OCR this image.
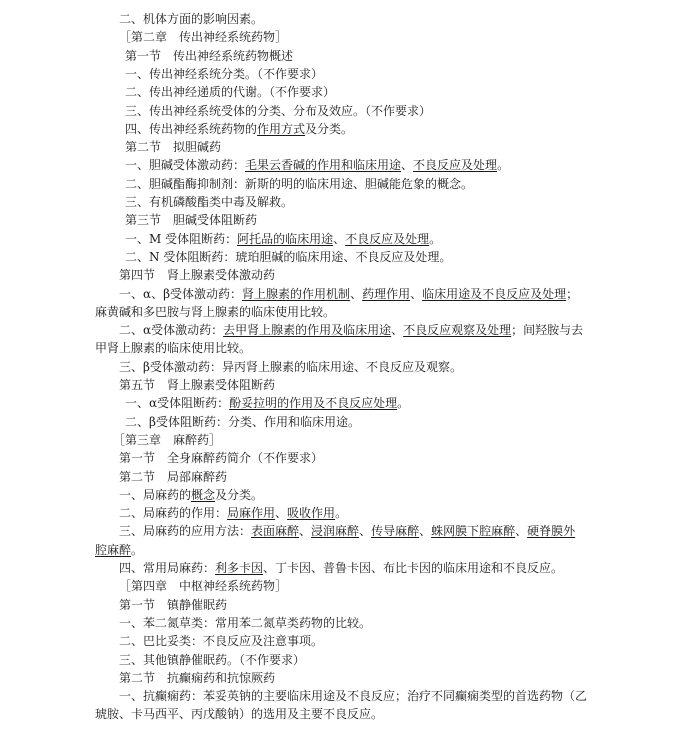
二、机体方面的影响因素。
［第二章　传出神经系统药物］
第一节　传出神经系统药物概述
一、传出神经系统分类。（不作要求）
二、传出神经递质的代谢。（不作要求）
三、传出神经系统受体的分类、分布及效应。（不作要求）
四、传出神经系统药物的作用方式及分类。
第二节　拟胆碱药
一、胆碱受体激动药：毛果云香碱的作用和临床用途、不良反应及处理。
二、胆碱酯酶抑制剂：新斯的明的临床用途、胆碱能危象的概念。
三、有机磷酸酯类中毒及解救。
第三节　胆碱受体阻断药
一、M 受体阻断药：阿托品的临床用途、不良反应及处理。
二、N 受体阻断药：琥珀胆碱的临床用途、不良反应及处理。
第四节　肾上腺素受体激动药
一、α、β受体激动药：肾上腺素的作用机制、药理作用、临床用途及不良反应及处理；
麻黄碱和多巴胺与肾上腺素的临床使用比较。
二、α受体激动药：去甲肾上腺素的作用及临床用途、不良反应观察及处理；间羟胺与去
甲肾上腺素的临床使用比较。
三、β受体激动药：异丙肾上腺素的临床用途、不良反应及观察。
第五节　肾上腺素受体阻断药
一、α受体阻断药：酚妥拉明的作用及不良反应处理。
二、β受体阻断药：分类、作用和临床用途。
［第三章　麻醉药］
第一节　全身麻醉药简介（不作要求）
第二节　局部麻醉药
一、局麻药的概念及分类。
二、局麻药的作用：局麻作用、吸收作用。
三、局麻药的应用方法：表面麻醉、浸润麻醉、传导麻醉、蛛网膜下腔麻醉、硬脊膜外
腔麻醉。
四、常用局麻药：利多卡因、丁卡因、普鲁卡因、布比卡因的临床用途和不良反应。
［第四章　中枢神经系统药物］
第一节　镇静催眠药
一、苯二氮草类：常用苯二氮草类药物的比较。
二、巴比妥类：不良反应及注意事项。
三、其他镇静催眠药。（不作要求）
第二节　抗癫痫药和抗惊厥药
一、抗癫痫药：苯妥英钠的主要临床用途及不良反应；治疗不同癫痫类型的首选药物（乙
琥胺、卡马西平、丙戊酸钠）的选用及主要不良反应。
